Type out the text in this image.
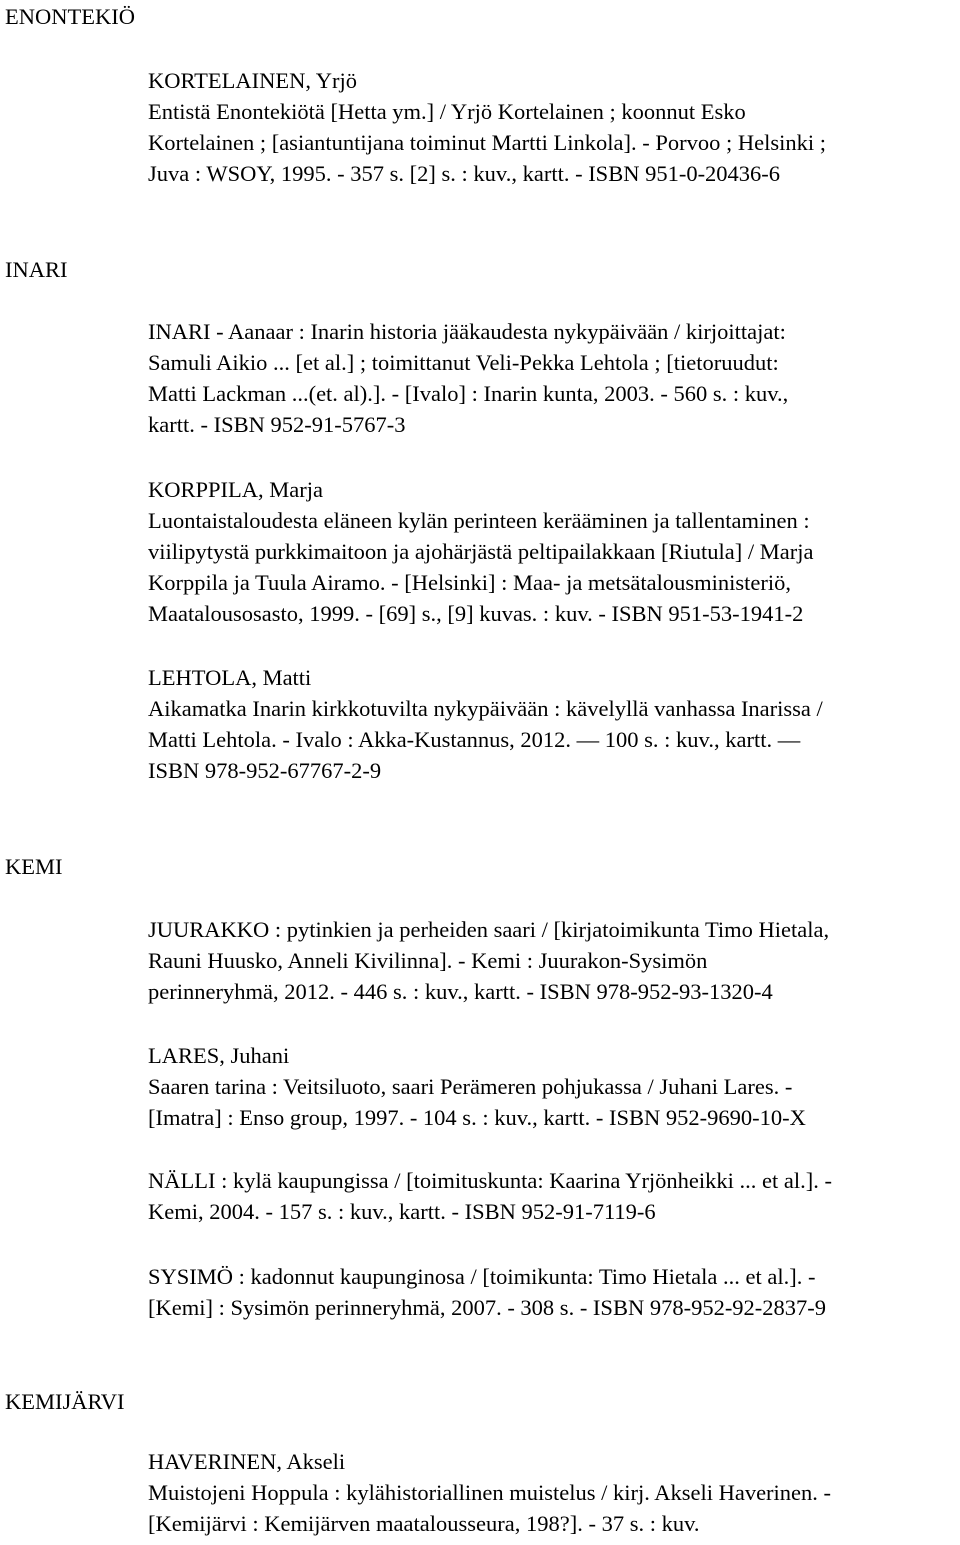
ENONTEKIÖ
KORTELAINEN, Yrjö
Entistä Enontekiötä [Hetta ym.] / Yrjö Kortelainen ; koonnut Esko
Kortelainen ; [asiantuntijana toiminut Martti Linkola]. - Porvoo ; Helsinki ;
Juva : WSOY, 1995. - 357 s. [2] s. : kuv., kartt. - ISBN 951-0-20436-6
INARI
INARI - Aanaar : Inarin historia jääkaudesta nykypäivään / kirjoittajat:
Samuli Aikio ... [et al.] ; toimittanut Veli-Pekka Lehtola ; [tietoruudut:
Matti Lackman ...(et. al).]. - [Ivalo] : Inarin kunta, 2003. - 560 s. : kuv.,
kartt. - ISBN 952-91-5767-3
KORPPILA, Marja
Luontaistaloudesta eläneen kylän perinteen kerääminen ja tallentaminen :
viilipytystä purkkimaitoon ja ajohärjästä peltipailakkaan [Riutula] / Marja
Korppila ja Tuula Airamo. - [Helsinki] : Maa- ja metsätalousministeriö,
Maatalousosasto, 1999. - [69] s., [9] kuvas. : kuv. - ISBN 951-53-1941-2
LEHTOLA, Matti
Aikamatka Inarin kirkkotuvilta nykypäivään : kävelyllä vanhassa Inarissa /
Matti Lehtola. - Ivalo : Akka-Kustannus, 2012. — 100 s. : kuv., kartt. —
ISBN 978-952-67767-2-9
KEMI
JUURAKKO : pytinkien ja perheiden saari / [kirjatoimikunta Timo Hietala,
Rauni Huusko, Anneli Kivilinna]. - Kemi : Juurakon-Sysimön
perinneryhmä, 2012. - 446 s. : kuv., kartt. - ISBN 978-952-93-1320-4
LARES, Juhani
Saaren tarina : Veitsiluoto, saari Perämeren pohjukassa / Juhani Lares. -
[Imatra] : Enso group, 1997. - 104 s. : kuv., kartt. - ISBN 952-9690-10-X
NÄLLI : kylä kaupungissa / [toimituskunta: Kaarina Yrjönheikki ... et al.]. -
Kemi, 2004. - 157 s. : kuv., kartt. - ISBN 952-91-7119-6
SYSIMÖ : kadonnut kaupunginosa / [toimikunta: Timo Hietala ... et al.]. -
[Kemi] : Sysimön perinneryhmä, 2007. - 308 s. - ISBN 978-952-92-2837-9
KEMIJÄRVI
HAVERINEN, Akseli
Muistojeni Hoppula : kylähistoriallinen muistelus / kirj. Akseli Haverinen. -
[Kemijärvi : Kemijärven maatalousseura, 198?]. - 37 s. : kuv.
